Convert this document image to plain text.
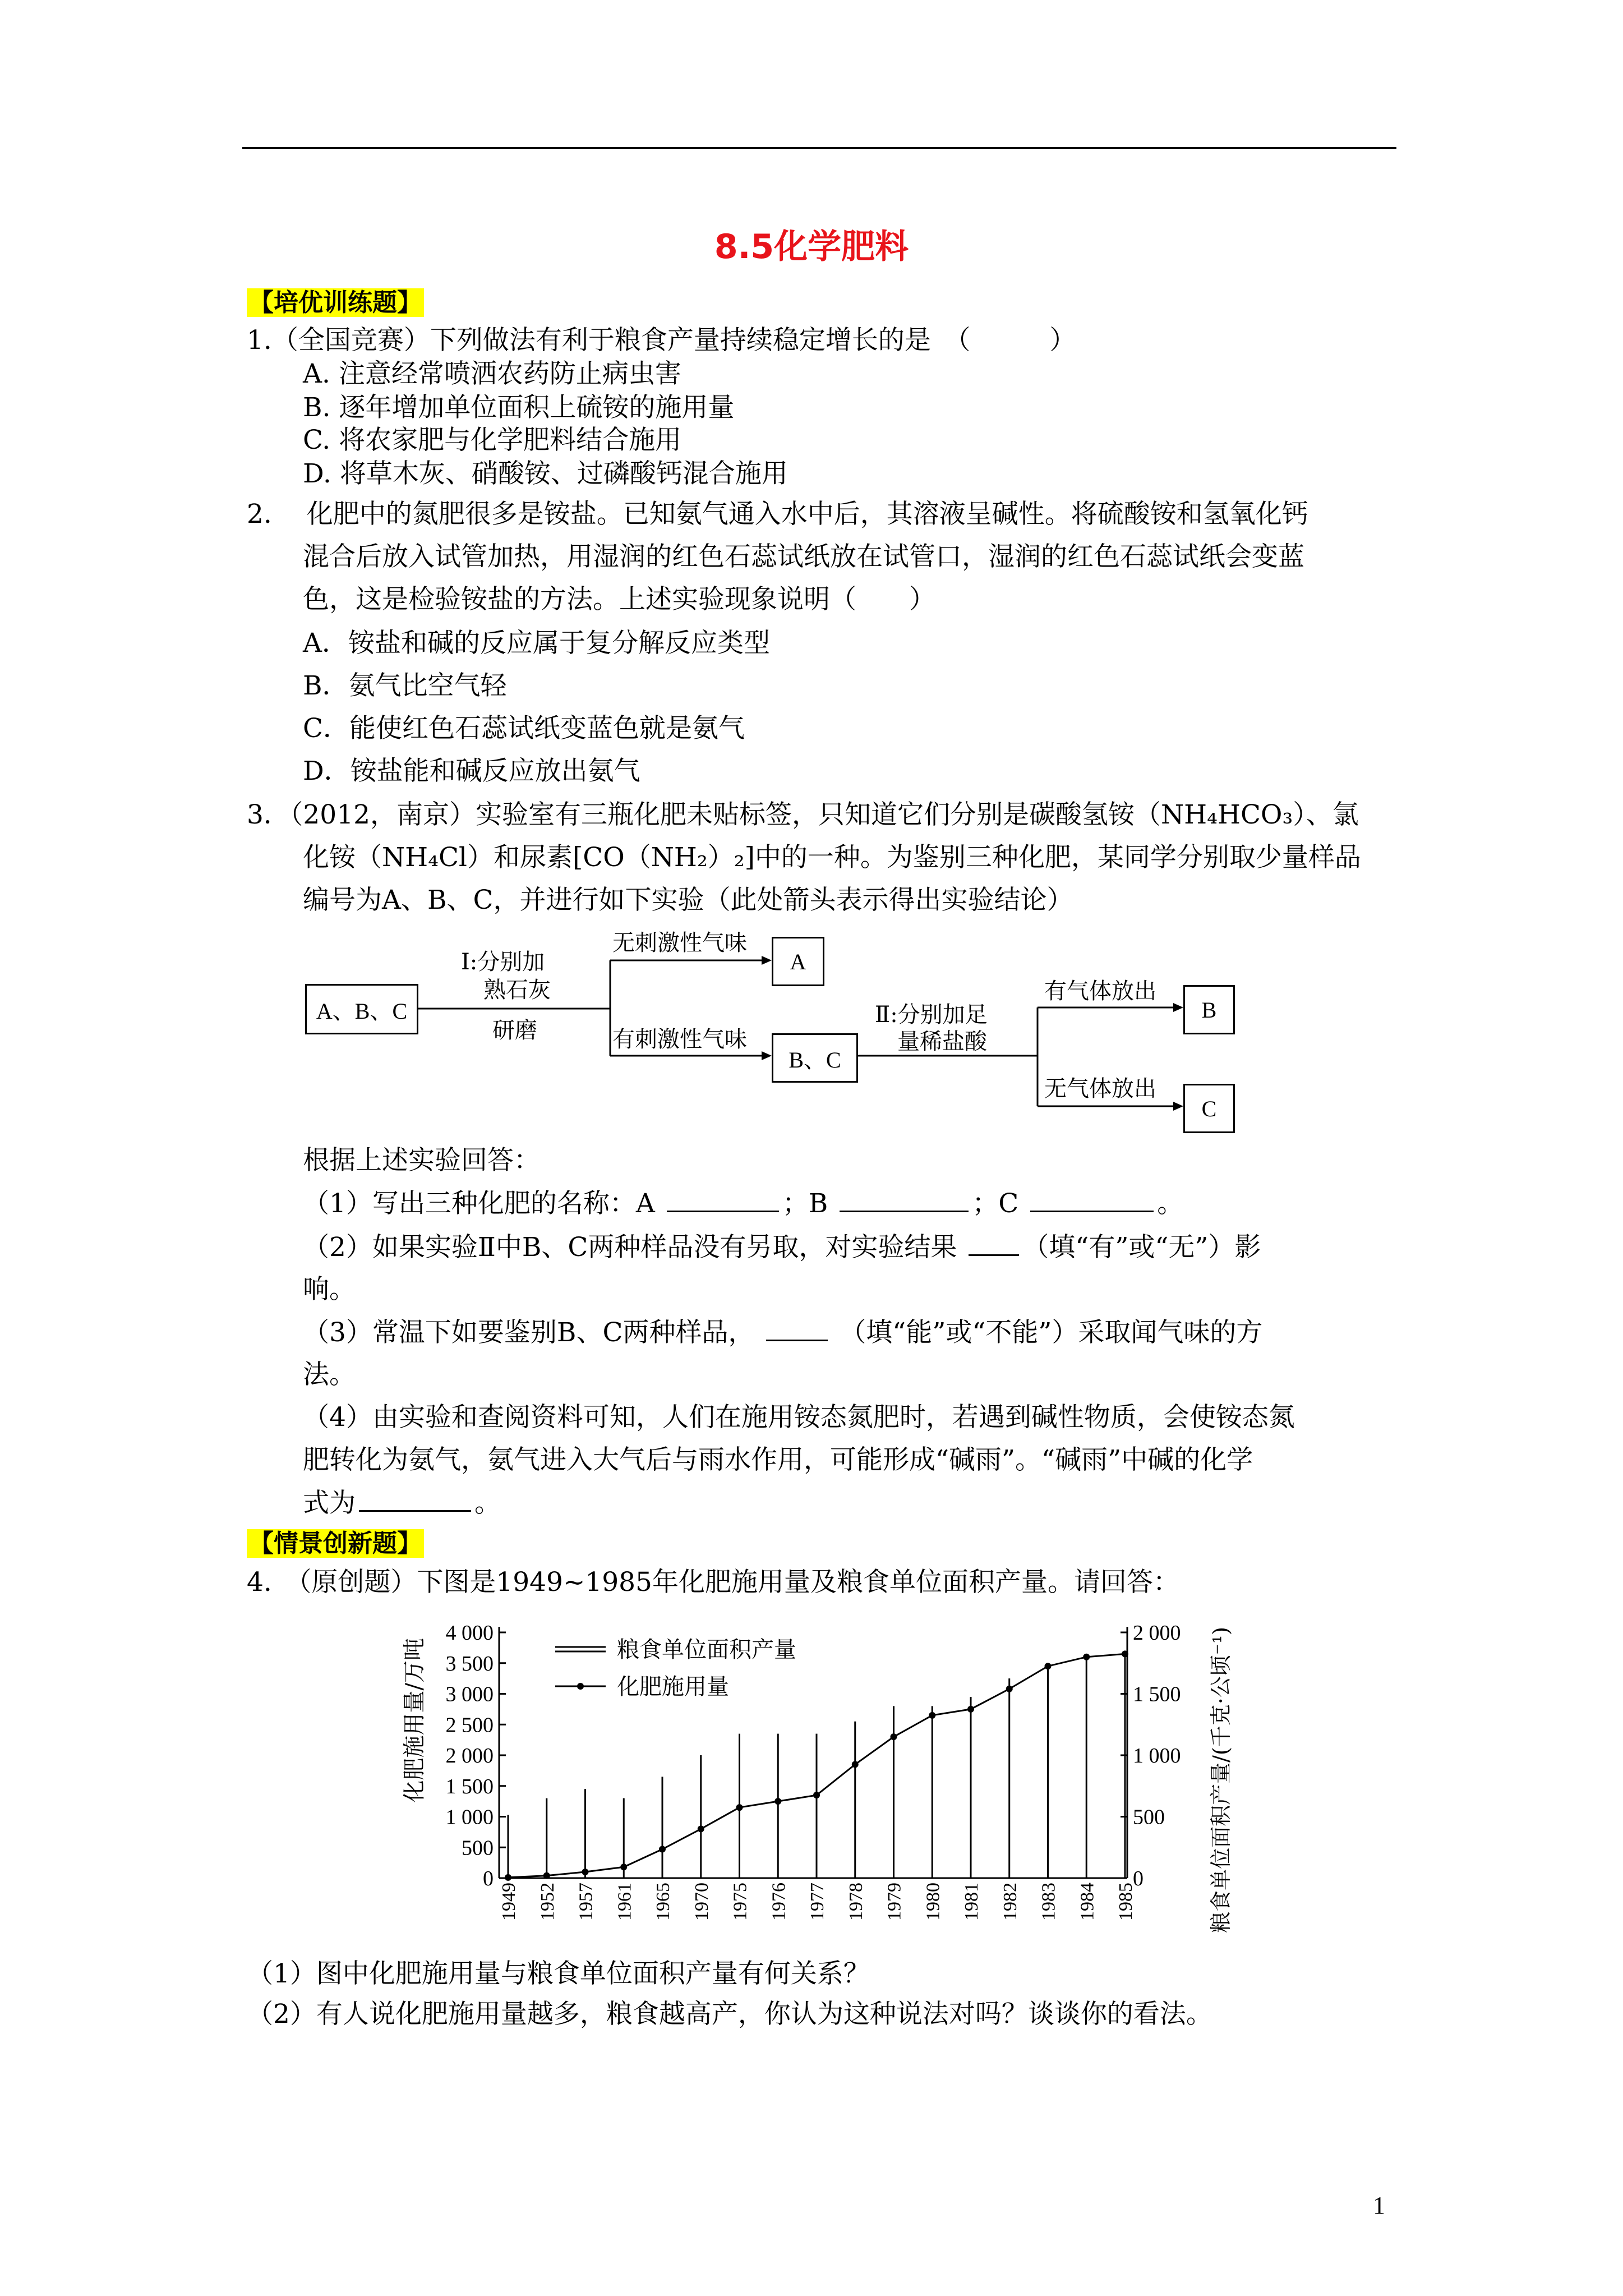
8.5化学肥料
【培优训练题】
1.（全国竞赛）下列做法有利于粮食产量持续稳定增长的是　（　　　）
A. 注意经常喷洒农药防止病虫害
B. 逐年增加单位面积上硫铵的施用量
C. 将农家肥与化学肥料结合施用
D. 将草木灰、硝酸铵、过磷酸钙混合施用
2.　 化肥中的氮肥很多是铵盐。已知氨气通入水中后，其溶液呈碱性。将硫酸铵和氢氧化钙
混合后放入试管加热，用湿润的红色石蕊试纸放在试管口，湿润的红色石蕊试纸会变蓝
色，这是检验铵盐的方法。上述实验现象说明（　　）
A．铵盐和碱的反应属于复分解反应类型
B．氨气比空气轻
C．能使红色石蕊试纸变蓝色就是氨气
D．铵盐能和碱反应放出氨气
3．（2012，南京）实验室有三瓶化肥未贴标签，只知道它们分别是碳酸氢铵（NH₄HCO₃）、氯
化铵（NH₄Cl）和尿素[CO（NH₂）₂]中的一种。为鉴别三种化肥，某同学分别取少量样品
编号为A、B、C，并进行如下实验（此处箭头表示得出实验结论）
A、B、C
I:分别加
熟石灰
研磨
无刺激性气味
A
有刺激性气味
B、C
Ⅱ:分别加足
量稀盐酸
有气体放出
B
无气体放出
C
根据上述实验回答：
（1）写出三种化肥的名称：A	；B	；C	。
（2）如果实验Ⅱ中B、C两种样品没有另取，对实验结果 （填“有”或“无”）影
响。
（3）常温下如要鉴别B、C两种样品，	（填“能”或“不能”）采取闻气味的方
法。
（4）由实验和查阅资料可知，人们在施用铵态氮肥时，若遇到碱性物质，会使铵态氮
肥转化为氨气，氨气进入大气后与雨水作用，可能形成“碱雨”。“碱雨”中碱的化学
式为	。
【情景创新题】
4.　（原创题）下图是1949~1985年化肥施用量及粮食单位面积产量。请回答：
4 000
3 500
3 000
2 500
2 000
1 500
1 000
500
0
2 000
1 500
1 000
500
0
化肥施用量/万吨	粮食单位面积产量/(千克·公顷⁻¹)
1949 1952 1957 1961 1965 1970 1975 1976 1977 1978 1979 1980 1981 1982 1983 1984 1985
粮食单位面积产量
化肥施用量
（1）图中化肥施用量与粮食单位面积产量有何关系？
（2）有人说化肥施用量越多，粮食越高产，你认为这种说法对吗？谈谈你的看法。
1
